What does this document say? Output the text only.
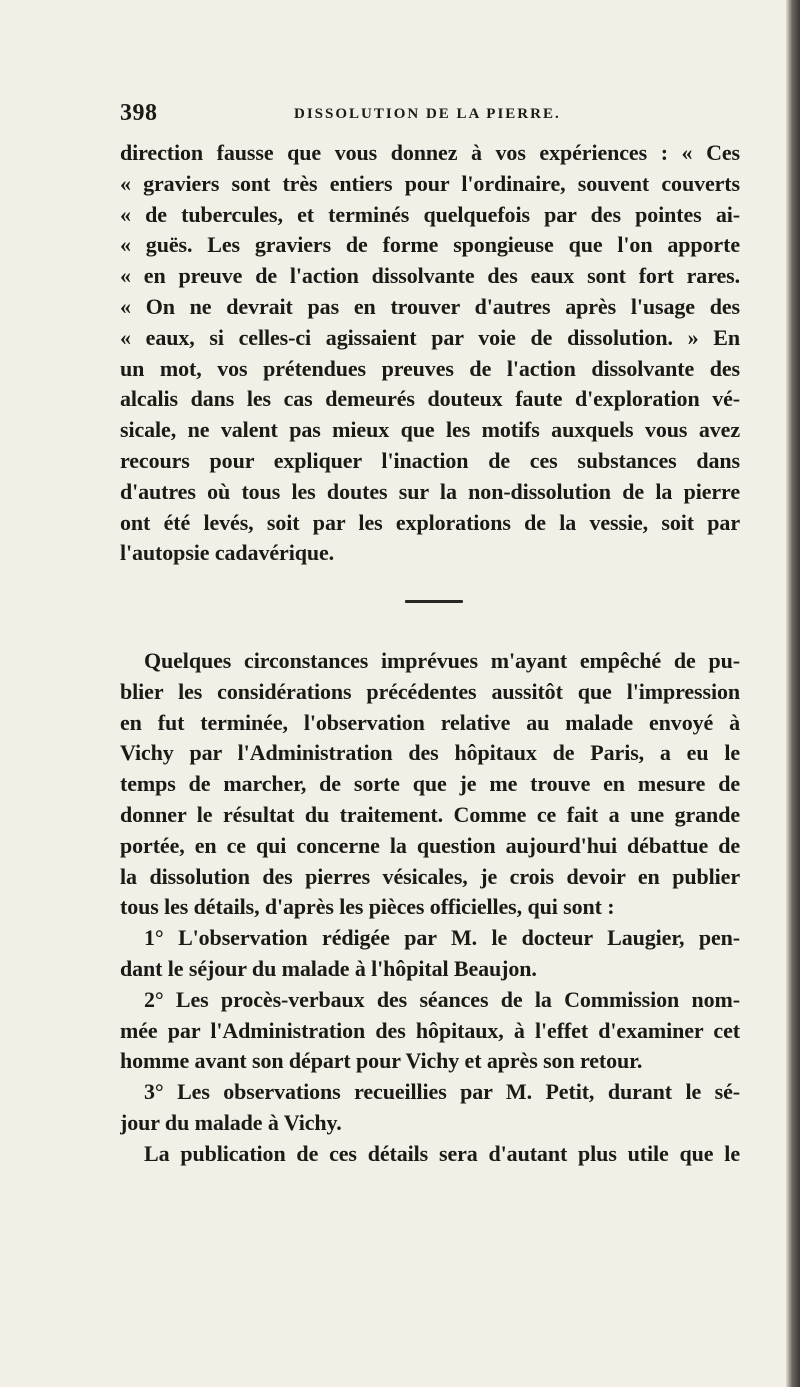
398	DISSOLUTION DE LA PIERRE.
direction fausse que vous donnez à vos expériences : « Ces
« graviers sont très entiers pour l'ordinaire, souvent couverts
« de tubercules, et terminés quelquefois par des pointes ai-
« guës. Les graviers de forme spongieuse que l'on apporte
« en preuve de l'action dissolvante des eaux sont fort rares.
« On ne devrait pas en trouver d'autres après l'usage des
« eaux, si celles-ci agissaient par voie de dissolution. » En
un mot, vos prétendues preuves de l'action dissolvante des
alcalis dans les cas demeurés douteux faute d'exploration vé-
sicale, ne valent pas mieux que les motifs auxquels vous avez
recours pour expliquer l'inaction de ces substances dans
d'autres où tous les doutes sur la non-dissolution de la pierre
ont été levés, soit par les explorations de la vessie, soit par
l'autopsie cadavérique.
Quelques circonstances imprévues m'ayant empêché de pu-
blier les considérations précédentes aussitôt que l'impression
en fut terminée, l'observation relative au malade envoyé à
Vichy par l'Administration des hôpitaux de Paris, a eu le
temps de marcher, de sorte que je me trouve en mesure de
donner le résultat du traitement. Comme ce fait a une grande
portée, en ce qui concerne la question aujourd'hui débattue de
la dissolution des pierres vésicales, je crois devoir en publier
tous les détails, d'après les pièces officielles, qui sont :
1° L'observation rédigée par M. le docteur Laugier, pen-
dant le séjour du malade à l'hôpital Beaujon.
2° Les procès-verbaux des séances de la Commission nom-
mée par l'Administration des hôpitaux, à l'effet d'examiner cet
homme avant son départ pour Vichy et après son retour.
3° Les observations recueillies par M. Petit, durant le sé-
jour du malade à Vichy.
La publication de ces détails sera d'autant plus utile que le
